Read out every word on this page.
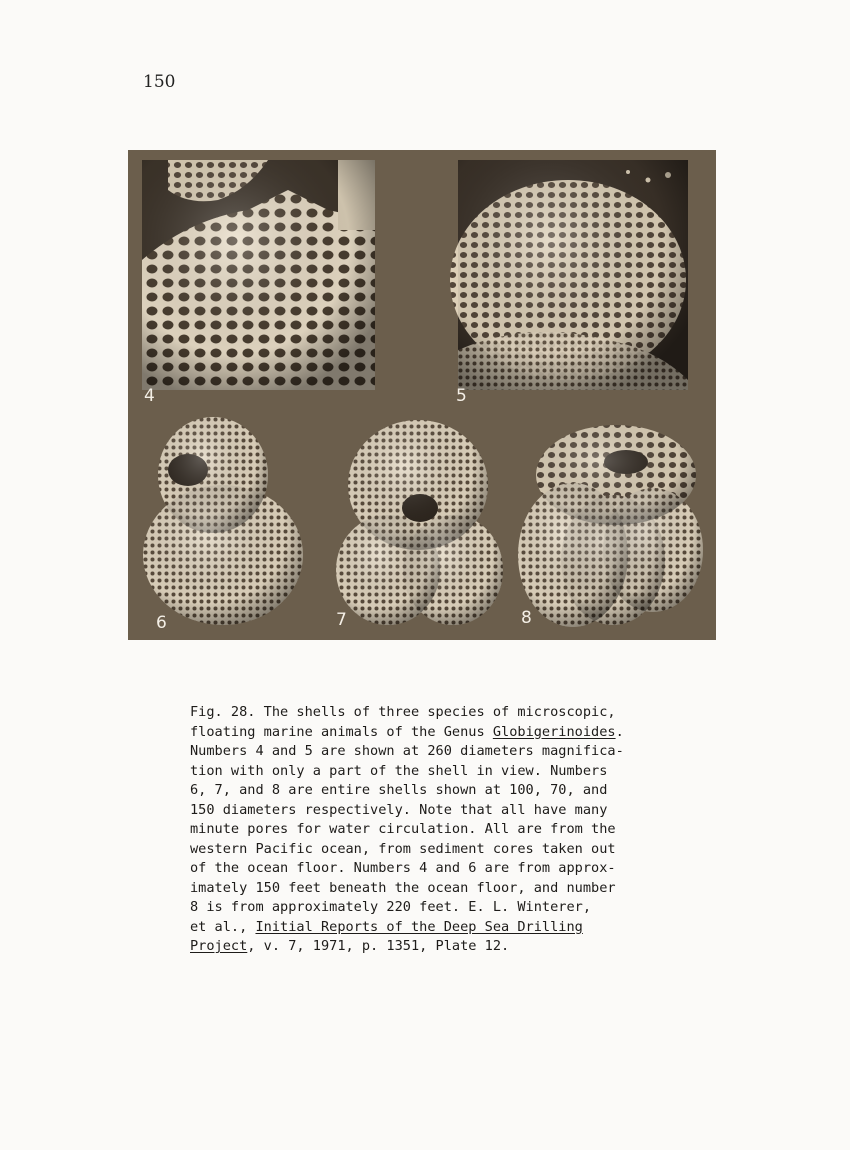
150
4	5
6	7	8

Fig. 28. The shells of three species of microscopic,
floating marine animals of the Genus Globigerinoides.
Numbers 4 and 5 are shown at 260 diameters magnifica-
tion with only a part of the shell in view. Numbers
6, 7, and 8 are entire shells shown at 100, 70, and
150 diameters respectively. Note that all have many
minute pores for water circulation. All are from the
western Pacific ocean, from sediment cores taken out
of the ocean floor. Numbers 4 and 6 are from approx-
imately 150 feet beneath the ocean floor, and number
8 is from approximately 220 feet. E. L. Winterer,
et al., Initial Reports of the Deep Sea Drilling
Project, v. 7, 1971, p. 1351, Plate 12.
